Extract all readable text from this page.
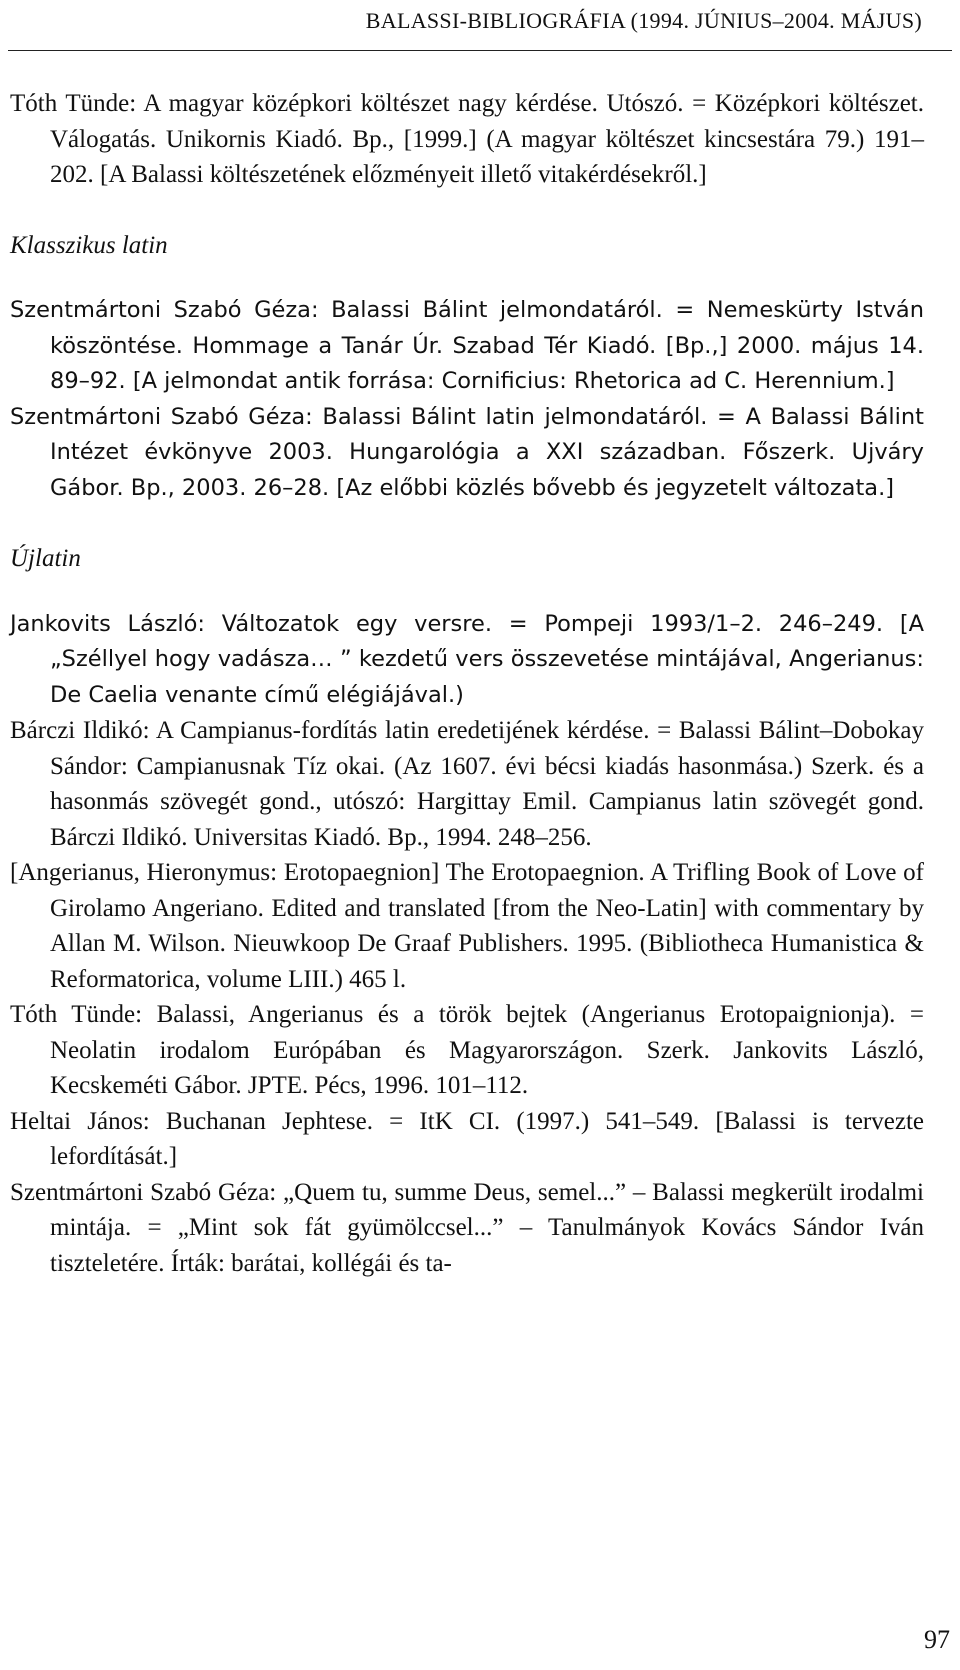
BALASSI-BIBLIOGRÁFIA (1994. JÚNIUS–2004. MÁJUS)

Tóth Tünde: A magyar középkori költészet nagy kérdése. Utószó. = Középkori költészet. Válogatás. Unikornis Kiadó. Bp., [1999.] (A magyar költészet kincsestára 79.) 191–202. [A Balassi költészetének előzményeit illető vitakérdésekről.]

Klasszikus latin

Szentmártoni Szabó Géza: Balassi Bálint jelmondatáról. = Nemeskürty István köszöntése. Hommage a Tanár Úr. Szabad Tér Kiadó. [Bp.,] 2000. május 14. 89–92. [A jelmondat antik forrása: Cornificius: Rhetorica ad C. Herennium.]

Szentmártoni Szabó Géza: Balassi Bálint latin jelmondatáról. = A Balassi Bálint Intézet évkönyve 2003. Hungarológia a XXI században. Főszerk. Ujváry Gábor. Bp., 2003. 26–28. [Az előbbi közlés bővebb és jegyzetelt változata.]

Újlatin

Jankovits László: Változatok egy versre. = Pompeji 1993/1–2. 246–249. [A „Széllyel hogy vadásza… ” kezdetű vers összevetése mintájával, Angerianus: De Caelia venante című elégiájával.)

Bárczi Ildikó: A Campianus-fordítás latin eredetijének kérdése. = Balassi Bálint–Dobokay Sándor: Campianusnak Tíz okai. (Az 1607. évi bécsi kiadás hasonmása.) Szerk. és a hasonmás szövegét gond., utószó: Hargittay Emil. Campianus latin szövegét gond. Bárczi Ildikó. Universitas Kiadó. Bp., 1994. 248–256.

[Angerianus, Hieronymus: Erotopaegnion] The Erotopaegnion. A Trifling Book of Love of Girolamo Angeriano. Edited and translated [from the Neo-Latin] with commentary by Allan M. Wilson. Nieuwkoop De Graaf Publishers. 1995. (Bibliotheca Humanistica & Reformatorica, volume LIII.) 465 l.

Tóth Tünde: Balassi, Angerianus és a török bejtek (Angerianus Erotopaignionja). = Neolatin irodalom Európában és Magyarországon. Szerk. Jankovits László, Kecskeméti Gábor. JPTE. Pécs, 1996. 101–112.

Heltai János: Buchanan Jephtese. = ItK CI. (1997.) 541–549. [Balassi is tervezte lefordítását.]

Szentmártoni Szabó Géza: „Quem tu, summe Deus, semel...” – Balassi megkerült irodalmi mintája. = „Mint sok fát gyümölccsel...” – Tanulmányok Kovács Sándor Iván tiszteletére. Írták: barátai, kollégái és ta-

97
